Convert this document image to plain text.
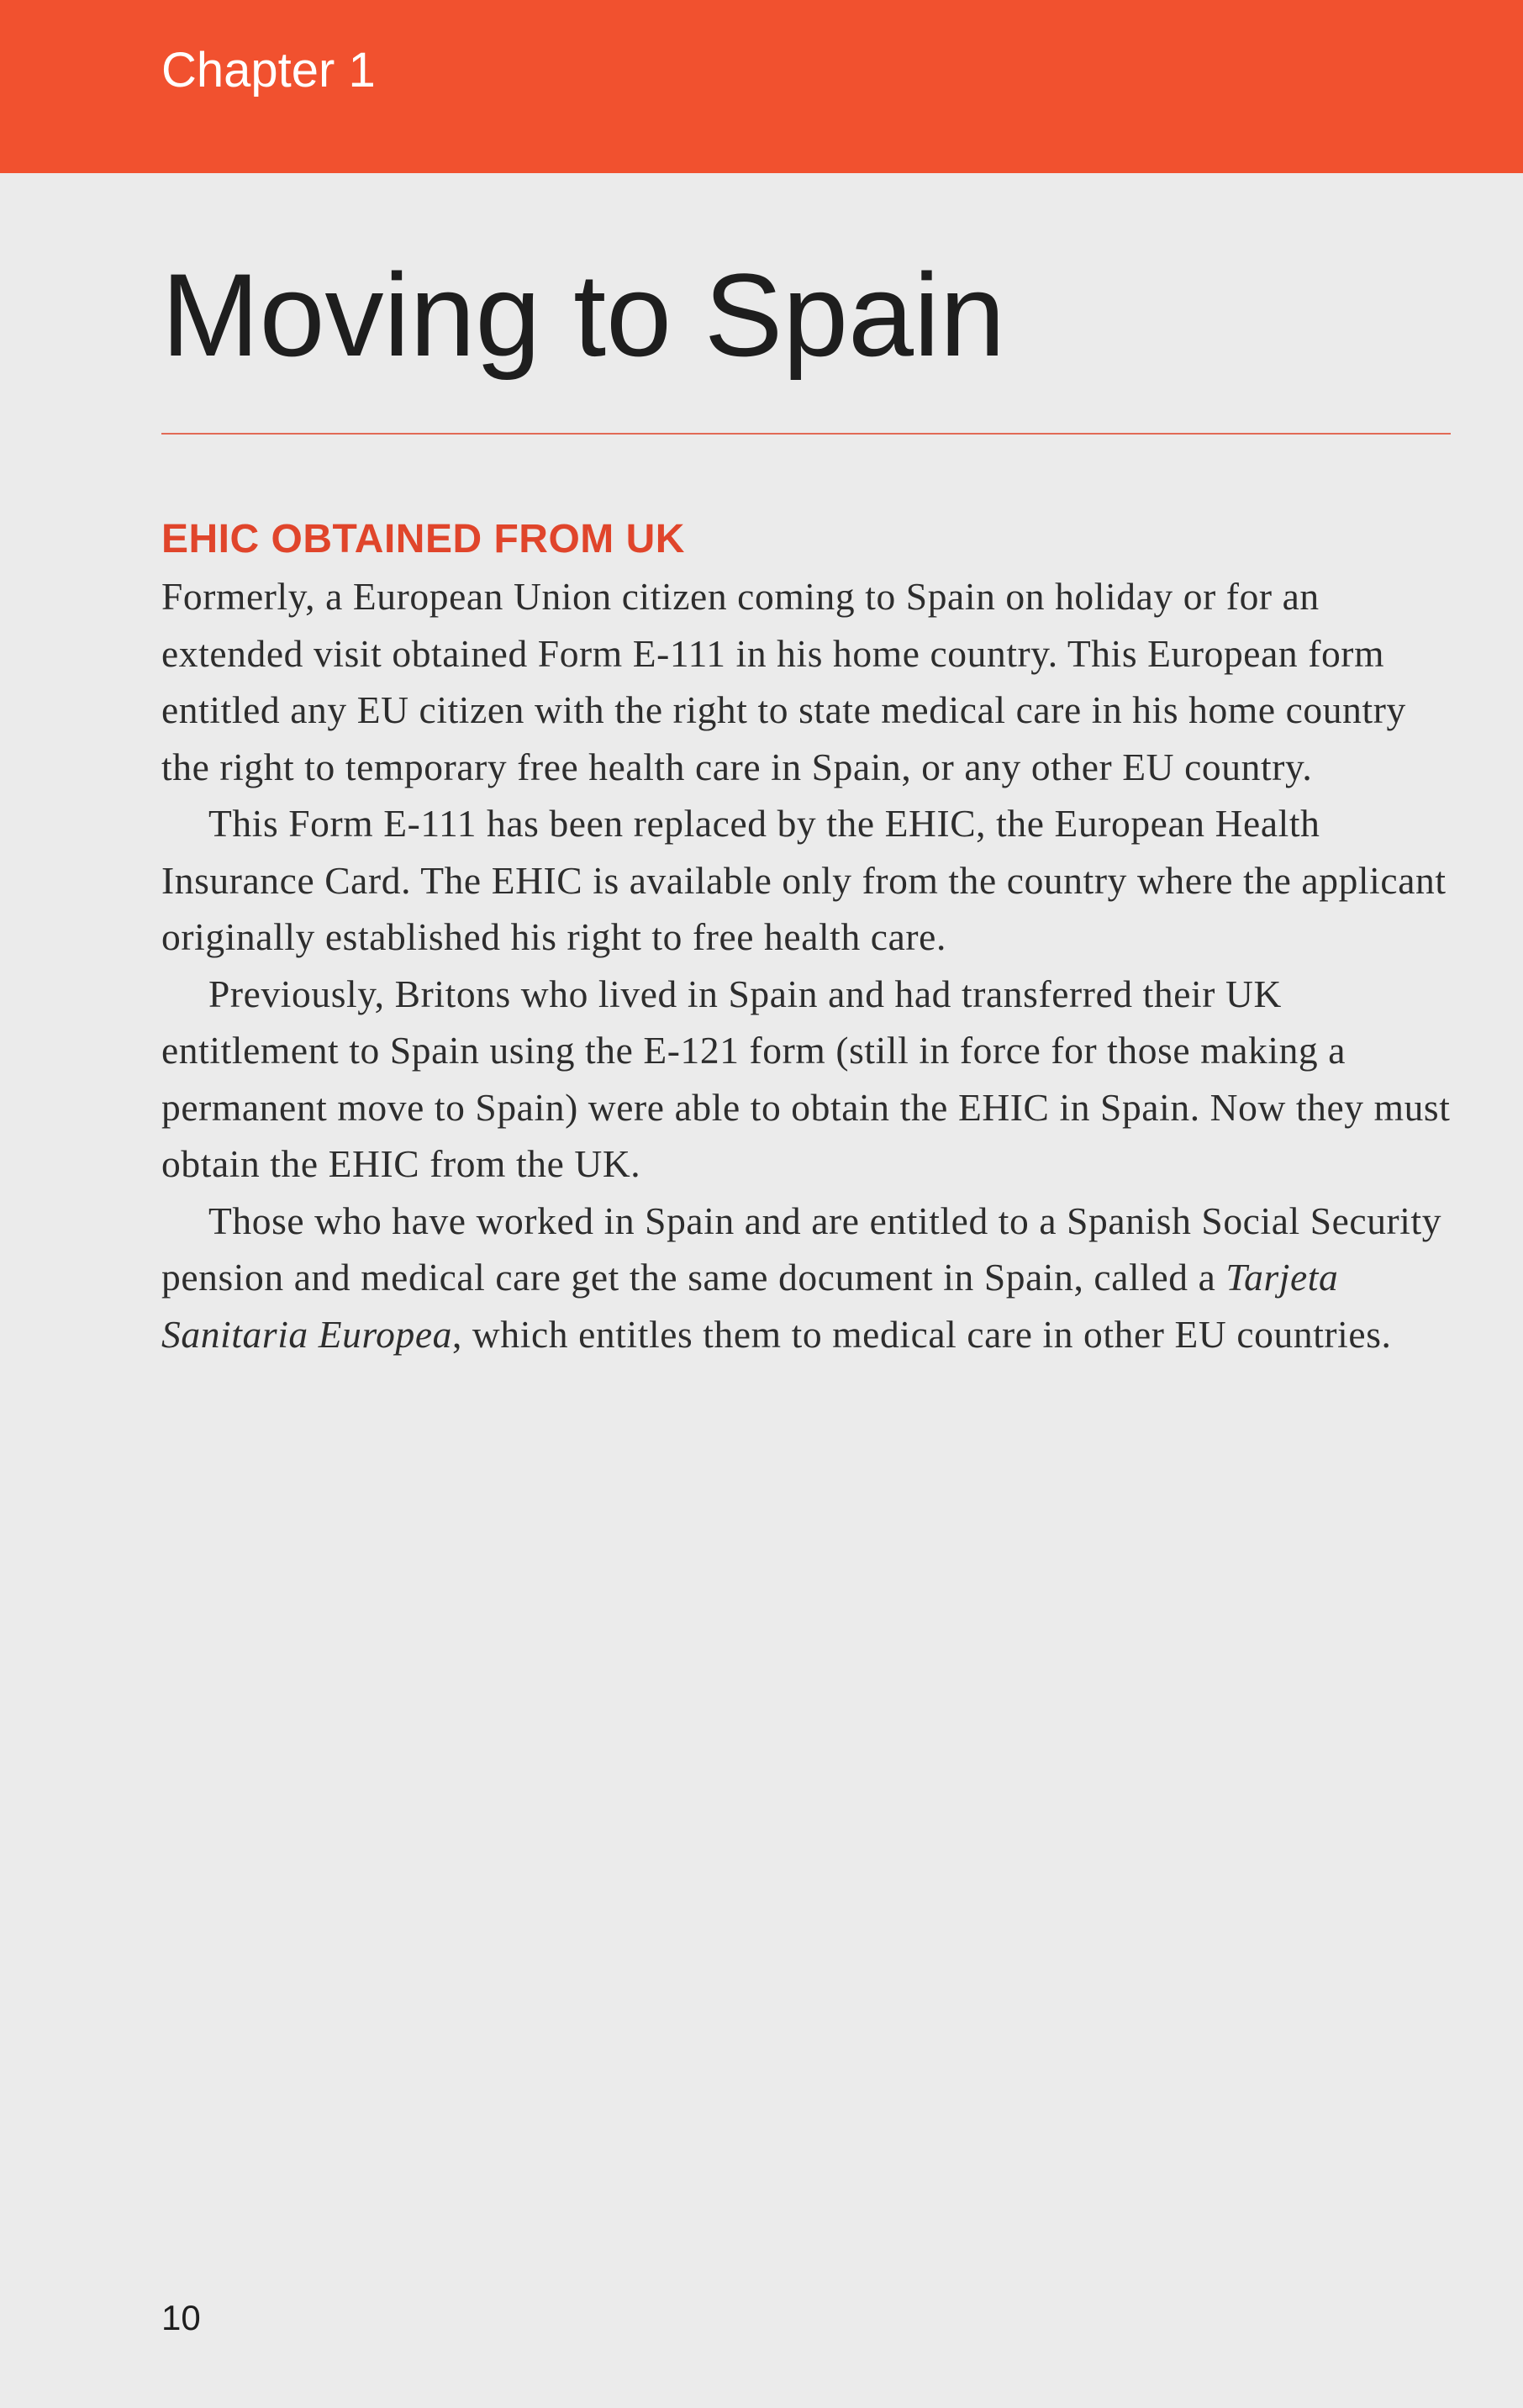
Chapter 1
Moving to Spain
EHIC OBTAINED FROM UK

Formerly, a European Union citizen coming to Spain on holiday or for an extended visit obtained Form E-111 in his home country. This European form entitled any EU citizen with the right to state medical care in his home country the right to temporary free health care in Spain, or any other EU country.

This Form E-111 has been replaced by the EHIC, the European Health Insurance Card. The EHIC is available only from the country where the applicant originally established his right to free health care.

Previously, Britons who lived in Spain and had transferred their UK entitlement to Spain using the E-121 form (still in force for those making a permanent move to Spain) were able to obtain the EHIC in Spain. Now they must obtain the EHIC from the UK.

Those who have worked in Spain and are entitled to a Spanish Social Security pension and medical care get the same document in Spain, called a Tarjeta Sanitaria Europea, which entitles them to medical care in other EU countries.

10
